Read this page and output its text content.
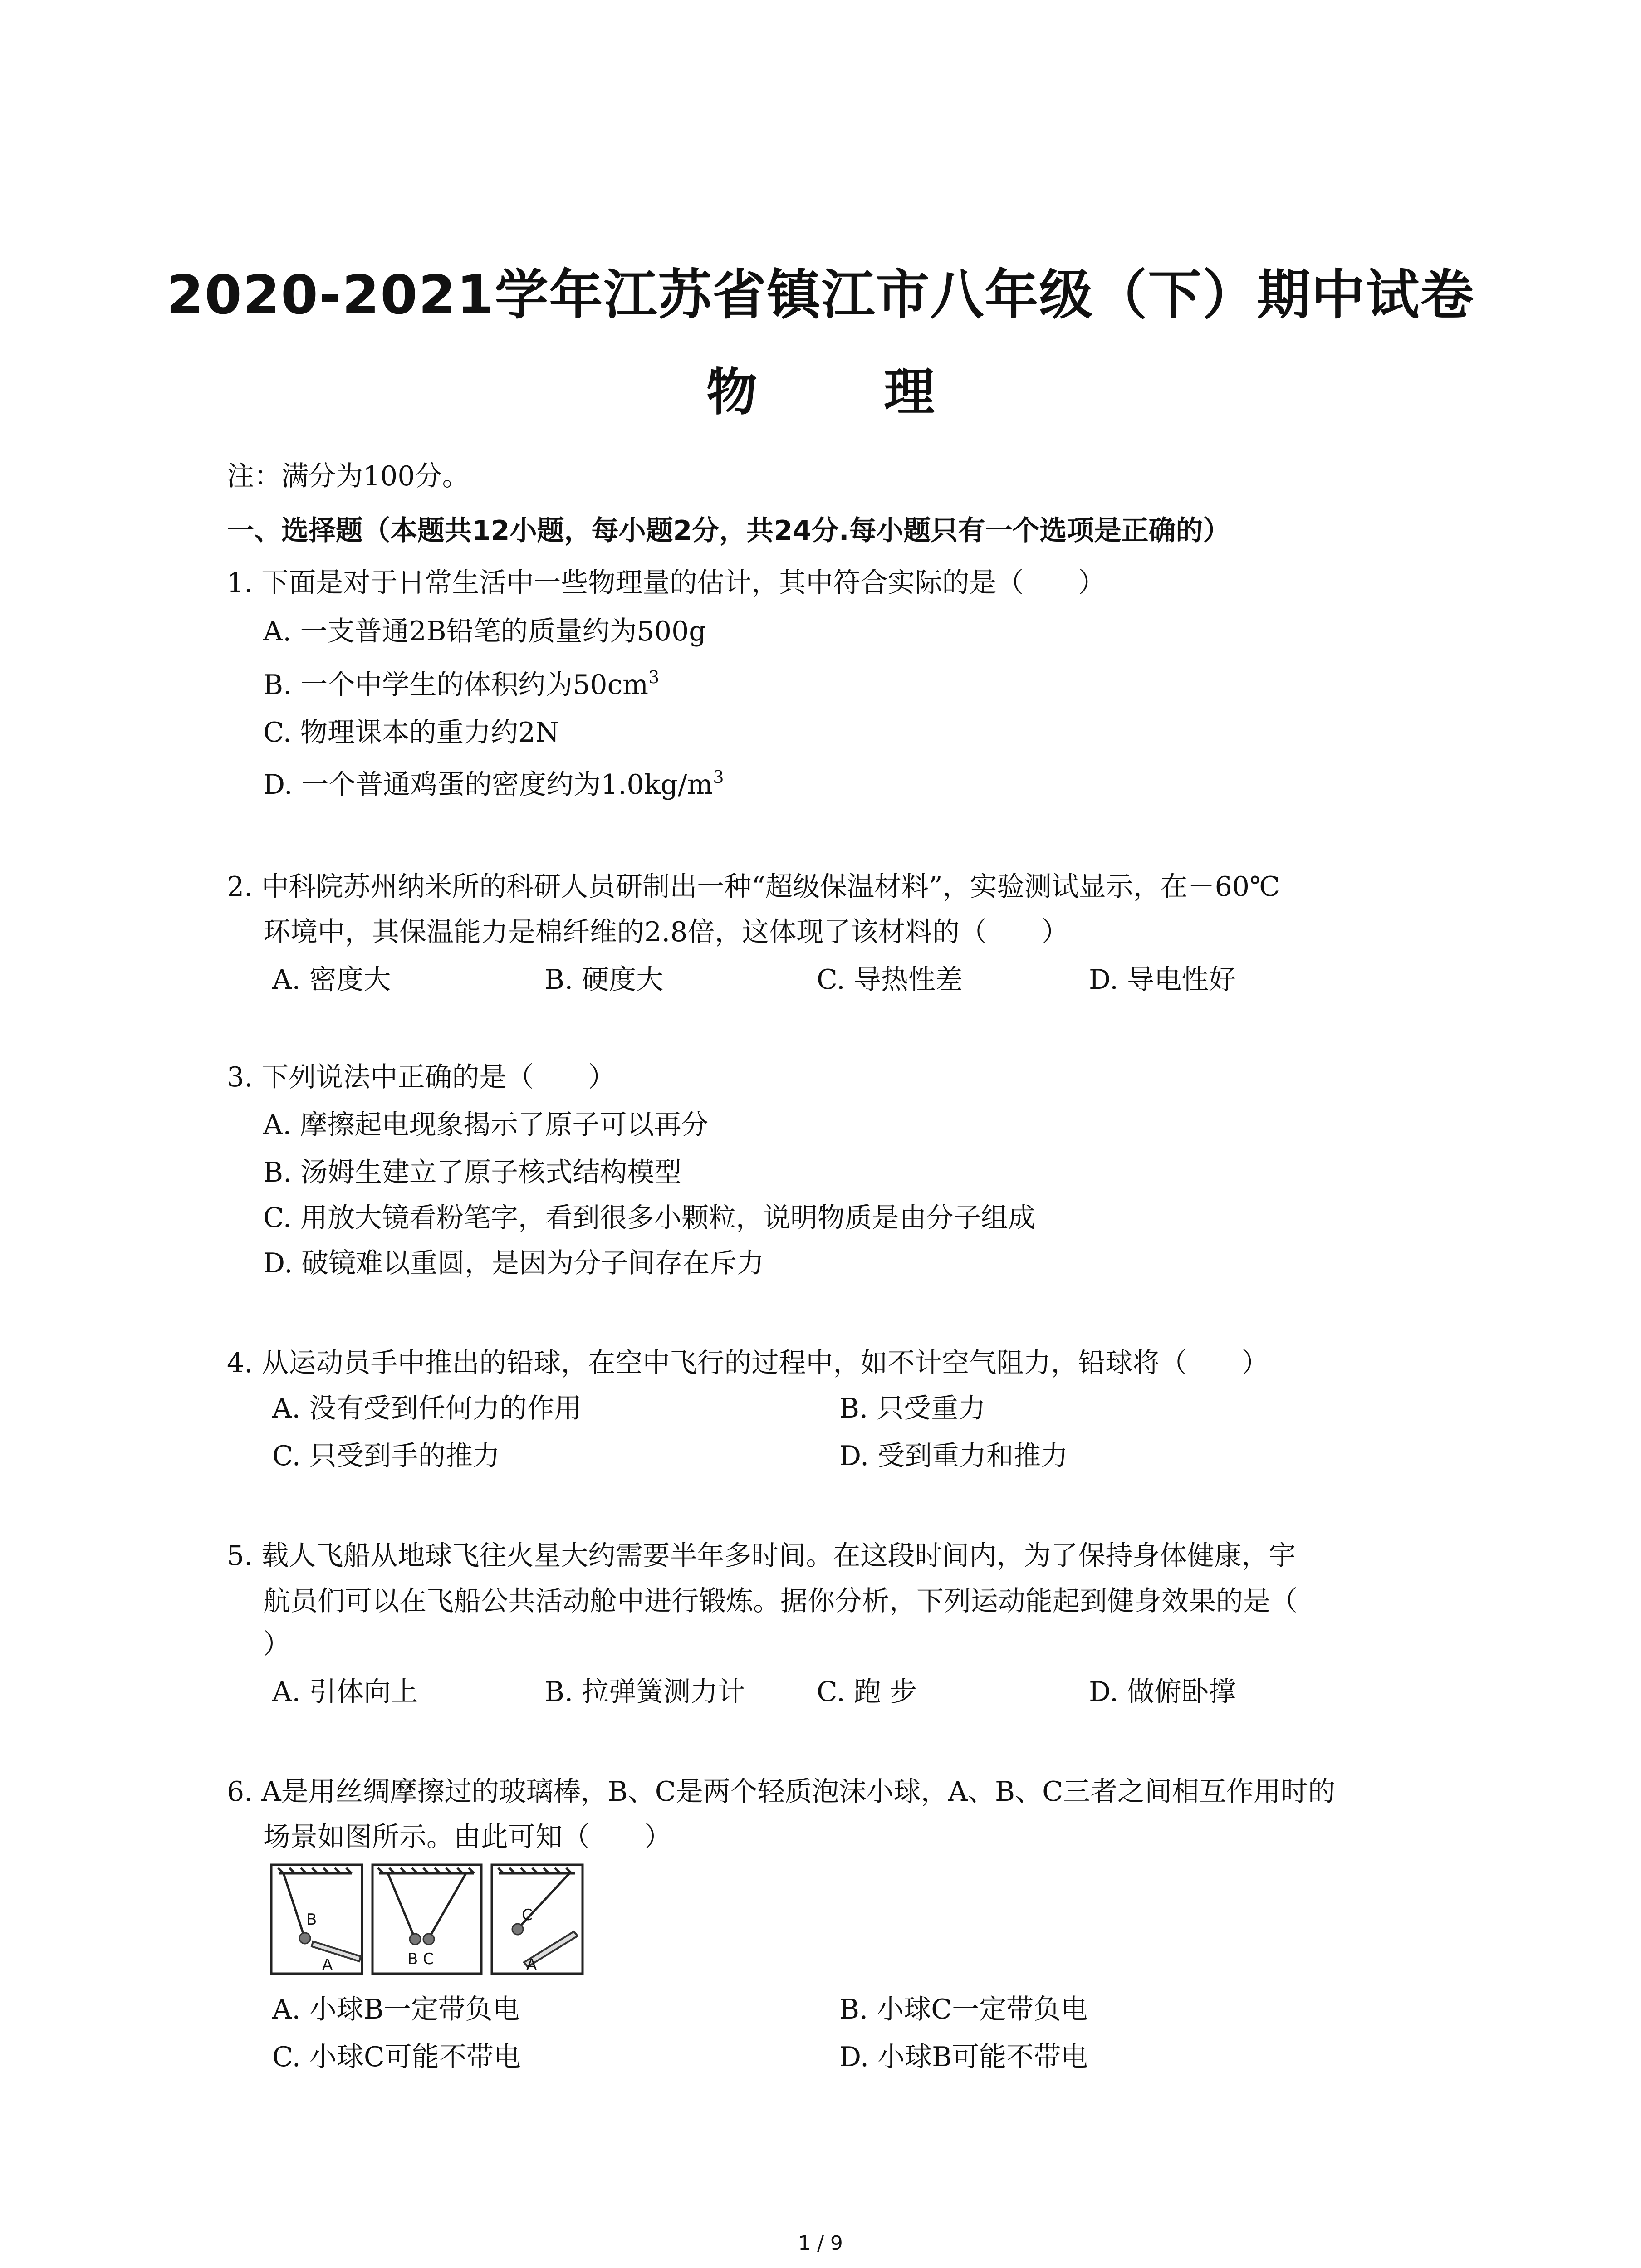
2020-2021学年江苏省镇江市八年级（下）期中试卷
物 理
注：满分为100分。
一、选择题（本题共12小题，每小题2分，共24分.每小题只有一个选项是正确的）
1. 下面是对于日常生活中一些物理量的估计，其中符合实际的是（　　）
A. 一支普通2B铅笔的质量约为500g
B. 一个中学生的体积约为$50cm^3$
C. 物理课本的重力约2N
D. 一个普通鸡蛋的密度约为$1.0kg/m^3$
2. 中科院苏州纳米所的科研人员研制出一种“超级保温材料”，实验测试显示，在－60℃
环境中，其保温能力是棉纤维的2.8倍，这体现了该材料的（　　）
A. 密度大	B. 硬度大	C. 导热性差	D. 导电性好
3. 下列说法中正确的是（　　）
A. 摩擦起电现象揭示了原子可以再分
B. 汤姆生建立了原子核式结构模型
C. 用放大镜看粉笔字，看到很多小颗粒，说明物质是由分子组成
D. 破镜难以重圆，是因为分子间存在斥力
4. 从运动员手中推出的铅球，在空中飞行的过程中，如不计空气阻力，铅球将（　　）
A. 没有受到任何力的作用	B. 只受重力
C. 只受到手的推力	D. 受到重力和推力
5. 载人飞船从地球飞往火星大约需要半年多时间。在这段时间内，为了保持身体健康，宇
航员们可以在飞船公共活动舱中进行锻炼。据你分析，下列运动能起到健身效果的是（
）
A. 引体向上	B. 拉弹簧测力计	C. 跑 步	D. 做俯卧撑
6. A是用丝绸摩擦过的玻璃棒，B、C是两个轻质泡沫小球，A、B、C三者之间相互作用时的
场景如图所示。由此可知（　　）
B
A	B C
C
A
A. 小球B一定带负电	B. 小球C一定带负电
C. 小球C可能不带电	D. 小球B可能不带电
1 / 9
